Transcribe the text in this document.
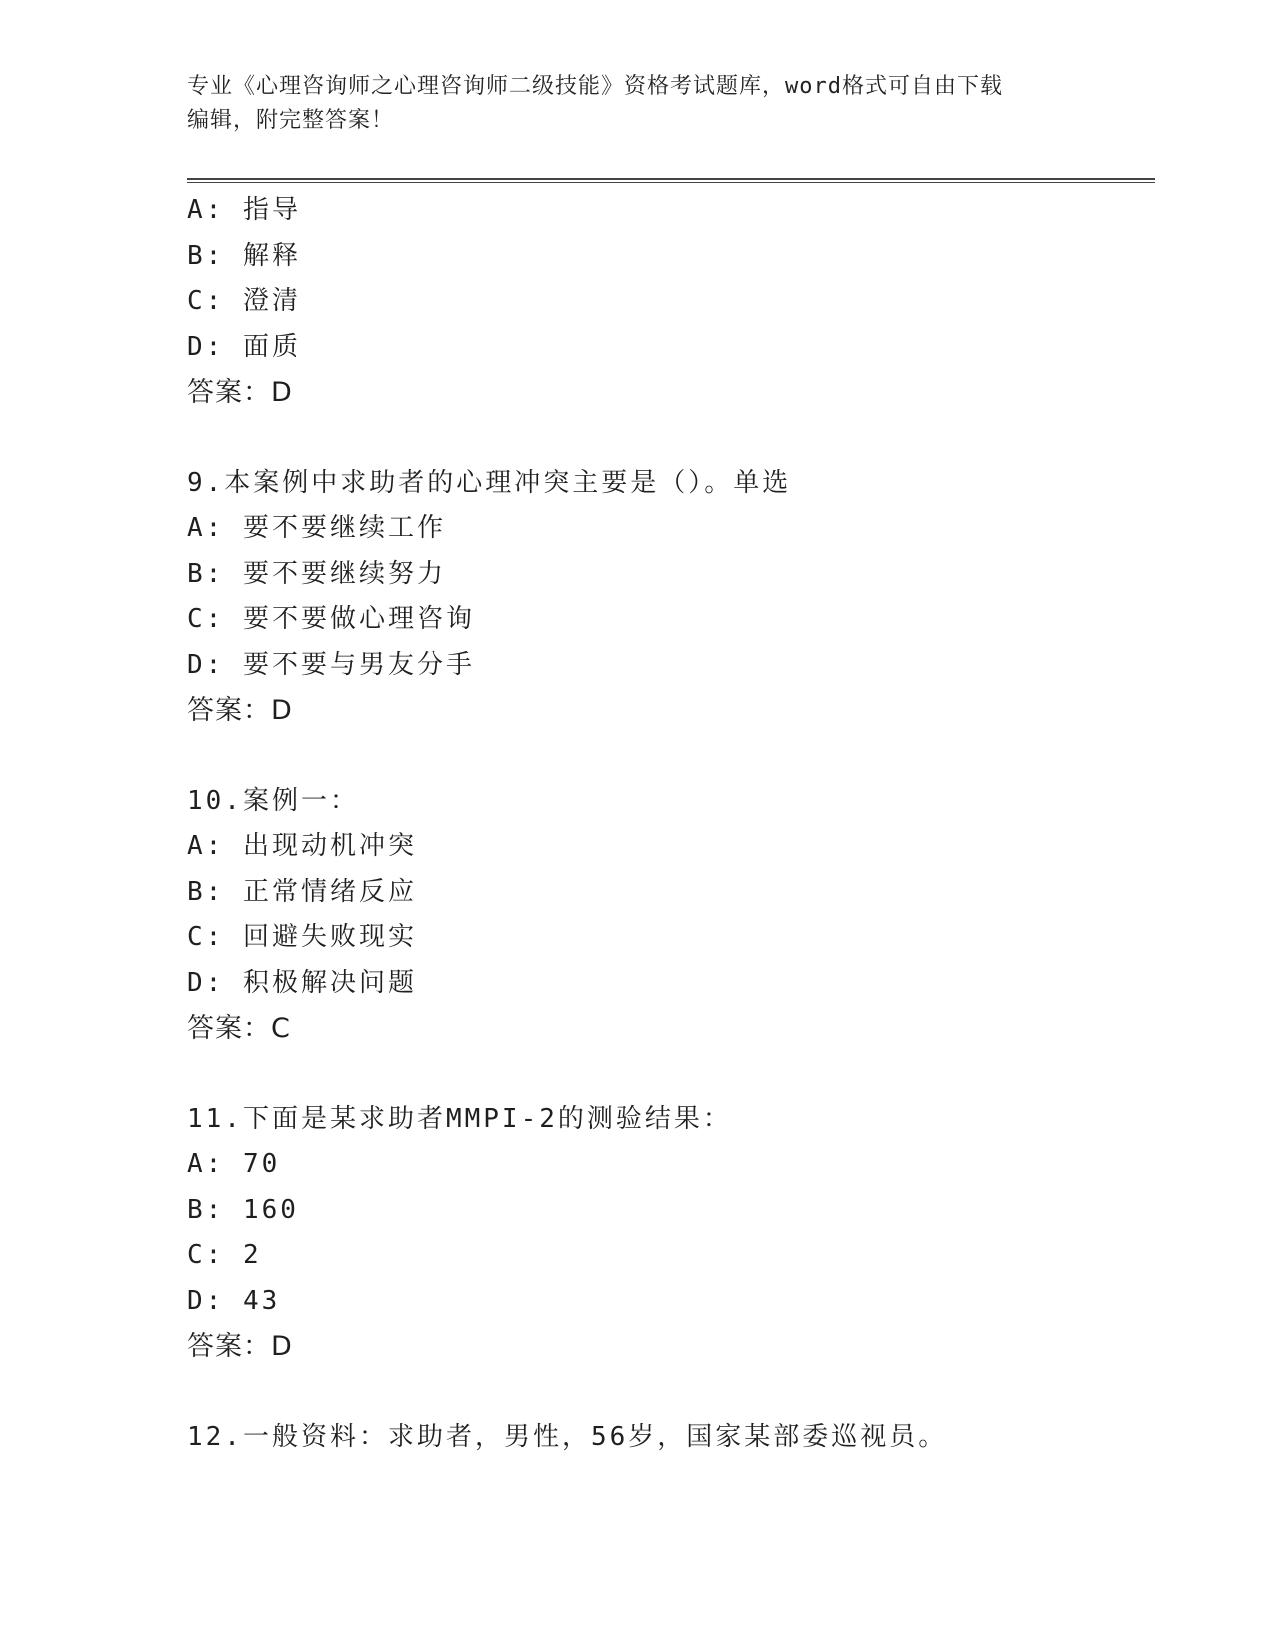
专业《心理咨询师之心理咨询师二级技能》资格考试题库，word格式可自由下载
编辑，附完整答案！
A: 指导
B: 解释
C: 澄清
D: 面质
答案：D
9.本案例中求助者的心理冲突主要是（）。单选
A: 要不要继续工作
B: 要不要继续努力
C: 要不要做心理咨询
D: 要不要与男友分手
答案：D
10.案例一：
A: 出现动机冲突
B: 正常情绪反应
C: 回避失败现实
D: 积极解决问题
答案：C
11.下面是某求助者MMPI-2的测验结果：
A: 70
B: 160
C: 2
D: 43
答案：D
12.一般资料：求助者，男性，56岁，国家某部委巡视员。
